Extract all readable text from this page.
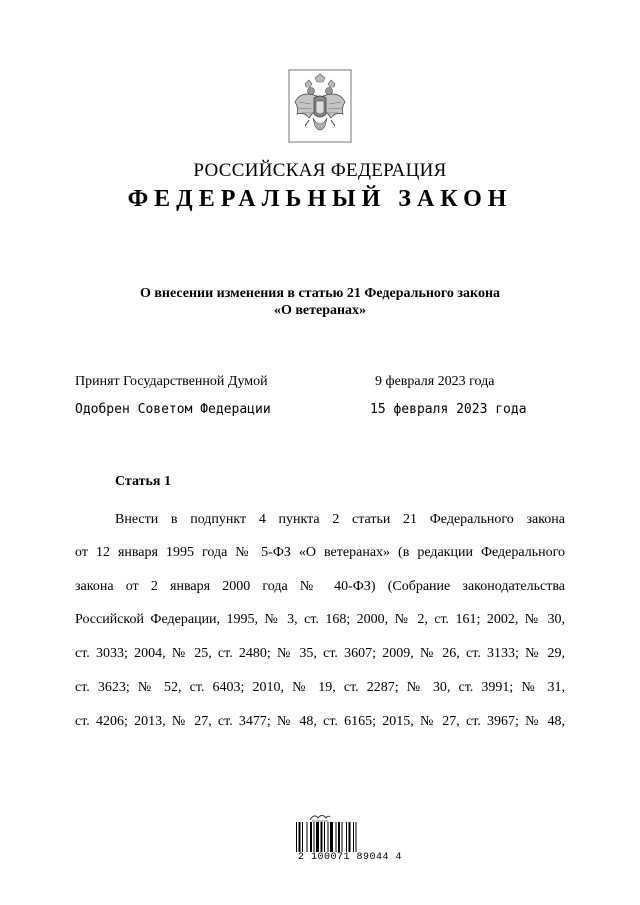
РОССИЙСКАЯ ФЕДЕРАЦИЯ
ФЕДЕРАЛЬНЫЙ ЗАКОН
О внесении изменения в статью 21 Федерального закона
«О ветеранах»
Принят Государственной Думой	9 февраля 2023 года
Одобрен Советом Федерации	15 февраля 2023 года
Статья 1
Внести в подпункт 4 пункта 2 статьи 21 Федерального закона
от 12 января 1995 года № 5-ФЗ «О ветеранах» (в редакции Федерального
закона от 2 января 2000 года № 40-ФЗ) (Собрание законодательства
Российской Федерации, 1995, № 3, ст. 168; 2000, № 2, ст. 161; 2002, № 30,
ст. 3033; 2004, № 25, ст. 2480; № 35, ст. 3607; 2009, № 26, ст. 3133; № 29,
ст. 3623; № 52, ст. 6403; 2010, № 19, ст. 2287; № 30, ст. 3991; № 31,
ст. 4206; 2013, № 27, ст. 3477; № 48, ст. 6165; 2015, № 27, ст. 3967; № 48,
2 100071 89044 4
